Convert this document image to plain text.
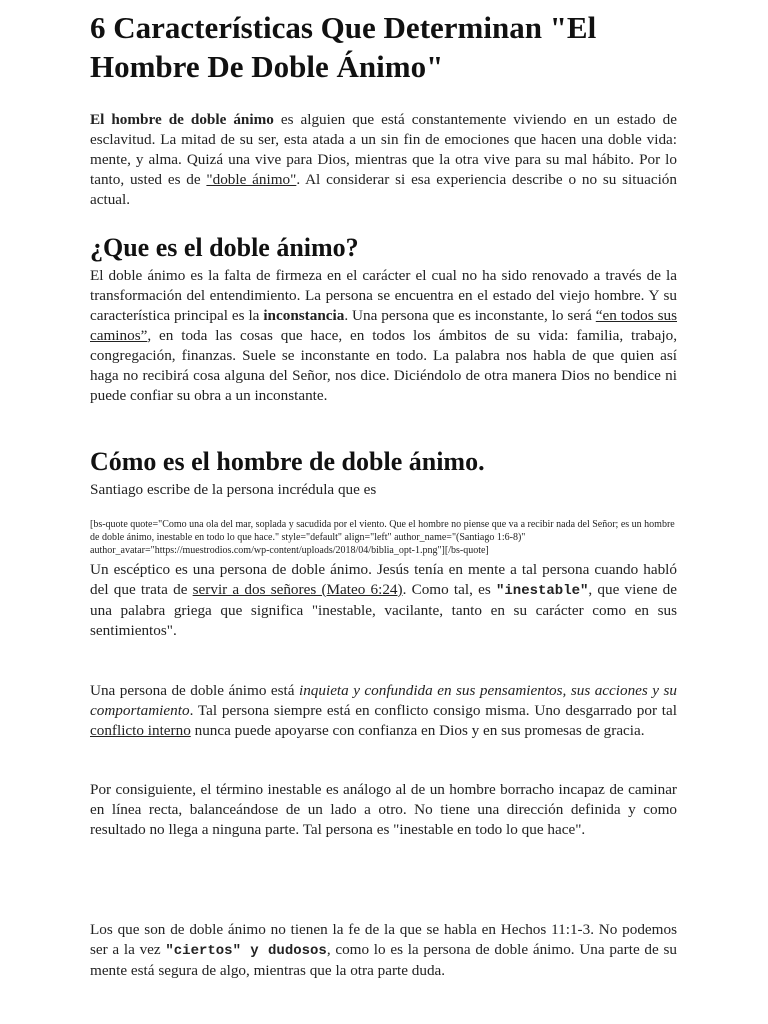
6 Características Que Determinan "El Hombre De Doble Ánimo"

El hombre de doble ánimo es alguien que está constantemente viviendo en un estado de esclavitud. La mitad de su ser, esta atada a un sin fin de emociones que hacen una doble vida: mente, y alma. Quizá una vive para Dios, mientras que la otra vive para su mal hábito. Por lo tanto, usted es de "doble ánimo". Al considerar si esa experiencia describe o no su situación actual.

¿Que es el doble ánimo?

El doble ánimo es la falta de firmeza en el carácter el cual no ha sido renovado a través de la transformación del entendimiento. La persona se encuentra en el estado del viejo hombre. Y su característica principal es la inconstancia. Una persona que es inconstante, lo será “en todos sus caminos”, en toda las cosas que hace, en todos los ámbitos de su vida: familia, trabajo, congregación, finanzas. Suele se inconstante en todo. La palabra nos habla de que quien así haga no recibirá cosa alguna del Señor, nos dice. Diciéndolo de otra manera Dios no bendice ni puede confiar su obra a un inconstante.

Cómo es el hombre de doble ánimo.

Santiago escribe de la persona incrédula que es

[bs-quote quote="Como una ola del mar, soplada y sacudida por el viento. Que el hombre no piense que va a recibir nada del Señor; es un hombre de doble ánimo, inestable en todo lo que hace." style="default" align="left" author_name="(Santiago 1:6-8)" author_avatar="https://muestrodios.com/wp-content/uploads/2018/04/biblia_opt-1.png"][/bs-quote]

Un escéptico es una persona de doble ánimo. Jesús tenía en mente a tal persona cuando habló del que trata de servir a dos señores (Mateo 6:24). Como tal, es "inestable", que viene de una palabra griega que significa "inestable, vacilante, tanto en su carácter como en sus sentimientos".

Una persona de doble ánimo está inquieta y confundida en sus pensamientos, sus acciones y su comportamiento. Tal persona siempre está en conflicto consigo misma. Uno desgarrado por tal conflicto interno nunca puede apoyarse con confianza en Dios y en sus promesas de gracia.

Por consiguiente, el término inestable es análogo al de un hombre borracho incapaz de caminar en línea recta, balanceándose de un lado a otro. No tiene una dirección definida y como resultado no llega a ninguna parte. Tal persona es "inestable en todo lo que hace".

Los que son de doble ánimo no tienen la fe de la que se habla en Hechos 11:1-3. No podemos ser a la vez "ciertos" y dudosos, como lo es la persona de doble ánimo. Una parte de su mente está segura de algo, mientras que la otra parte duda.
